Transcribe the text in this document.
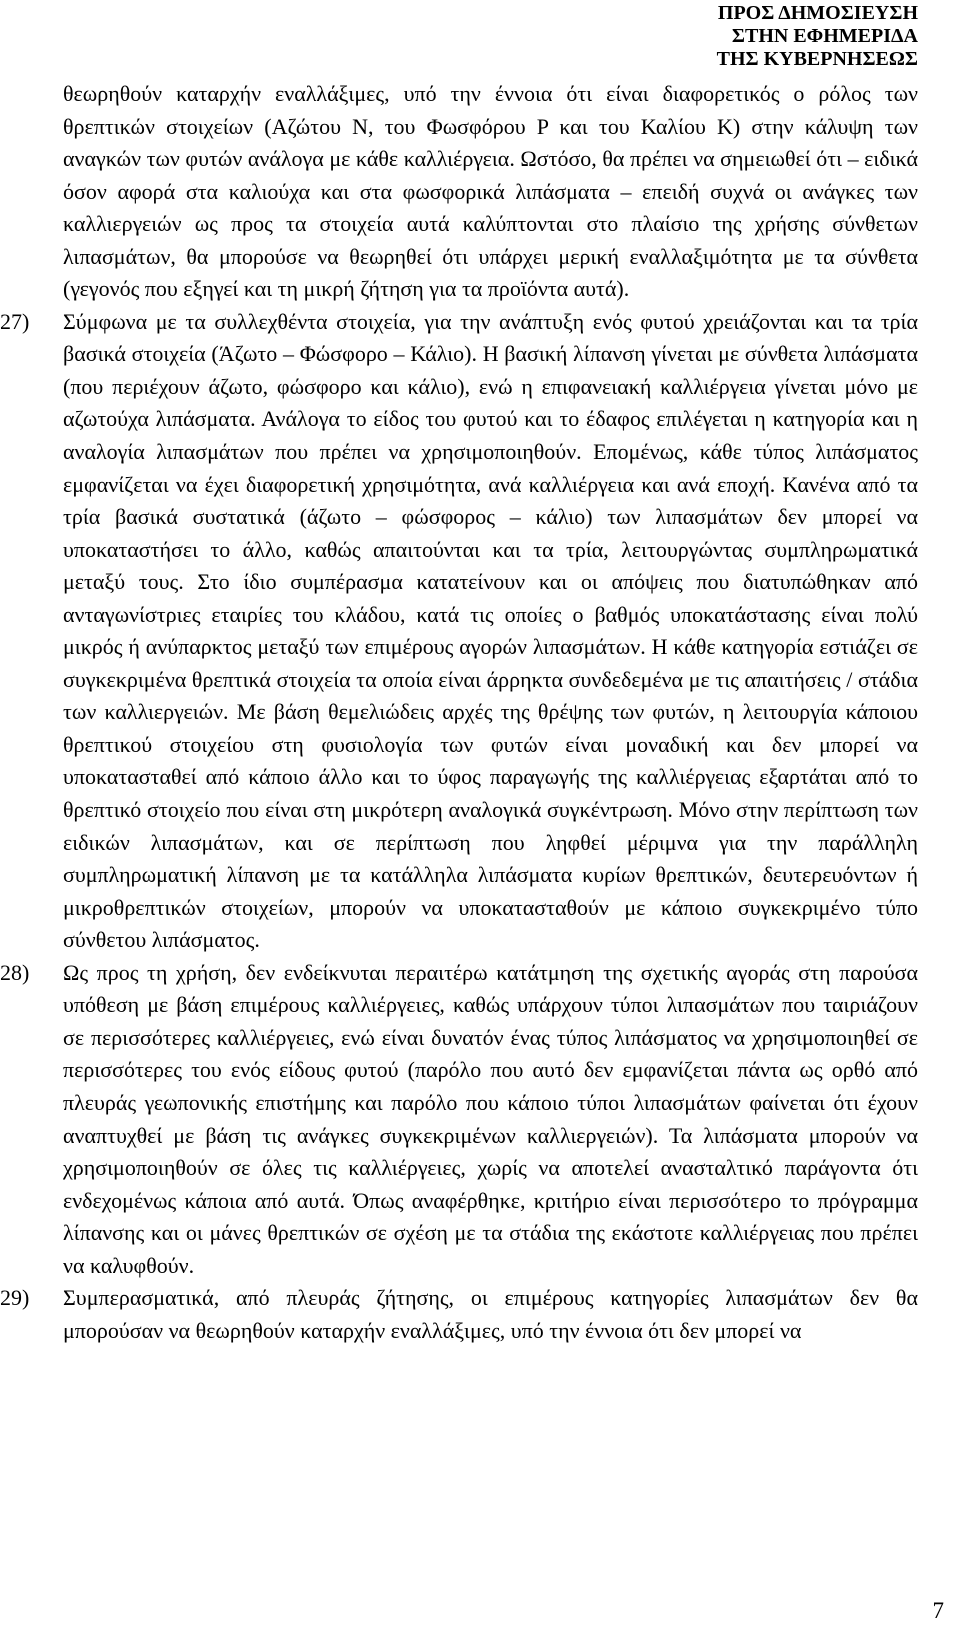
ΠΡΟΣ ΔΗΜΟΣΙΕΥΣΗ
ΣΤΗΝ ΕΦΗΜΕΡΙΔΑ
ΤΗΣ ΚΥΒΕΡΝΗΣΕΩΣ
θεωρηθούν καταρχήν εναλλάξιμες, υπό την έννοια ότι είναι διαφορετικός ο ρόλος των θρεπτικών στοιχείων (Αζώτου N, του Φωσφόρου P και του Καλίου K) στην κάλυψη των αναγκών των φυτών ανάλογα με κάθε καλλιέργεια. Ωστόσο, θα πρέπει να σημειωθεί ότι – ειδικά όσον αφορά στα καλιούχα και στα φωσφορικά λιπάσματα – επειδή συχνά οι ανάγκες των καλλιεργειών ως προς τα στοιχεία αυτά καλύπτονται στο πλαίσιο της χρήσης σύνθετων λιπασμάτων, θα μπορούσε να θεωρηθεί ότι υπάρχει μερική εναλλαξιμότητα με τα σύνθετα (γεγονός που εξηγεί και τη μικρή ζήτηση για τα προϊόντα αυτά).
27) Σύμφωνα με τα συλλεχθέντα στοιχεία, για την ανάπτυξη ενός φυτού χρειάζονται και τα τρία βασικά στοιχεία (Άζωτο – Φώσφορο – Κάλιο). Η βασική λίπανση γίνεται με σύνθετα λιπάσματα (που περιέχουν άζωτο, φώσφορο και κάλιο), ενώ η επιφανειακή καλλιέργεια γίνεται μόνο με αζωτούχα λιπάσματα. Ανάλογα το είδος του φυτού και το έδαφος επιλέγεται η κατηγορία και η αναλογία λιπασμάτων που πρέπει να χρησιμοποιηθούν. Επομένως, κάθε τύπος λιπάσματος εμφανίζεται να έχει διαφορετική χρησιμότητα, ανά καλλιέργεια και ανά εποχή. Κανένα από τα τρία βασικά συστατικά (άζωτο – φώσφορος – κάλιο) των λιπασμάτων δεν μπορεί να υποκαταστήσει το άλλο, καθώς απαιτούνται και τα τρία, λειτουργώντας συμπληρωματικά μεταξύ τους. Στο ίδιο συμπέρασμα κατατείνουν και οι απόψεις που διατυπώθηκαν από ανταγωνίστριες εταιρίες του κλάδου, κατά τις οποίες ο βαθμός υποκατάστασης είναι πολύ μικρός ή ανύπαρκτος μεταξύ των επιμέρους αγορών λιπασμάτων. Η κάθε κατηγορία εστιάζει σε συγκεκριμένα θρεπτικά στοιχεία τα οποία είναι άρρηκτα συνδεδεμένα με τις απαιτήσεις / στάδια των καλλιεργειών. Με βάση θεμελιώδεις αρχές της θρέψης των φυτών, η λειτουργία κάποιου θρεπτικού στοιχείου στη φυσιολογία των φυτών είναι μοναδική και δεν μπορεί να υποκατασταθεί από κάποιο άλλο και το ύφος παραγωγής της καλλιέργειας εξαρτάται από το θρεπτικό στοιχείο που είναι στη μικρότερη αναλογικά συγκέντρωση. Μόνο στην περίπτωση των ειδικών λιπασμάτων, και σε περίπτωση που ληφθεί μέριμνα για την παράλληλη συμπληρωματική λίπανση με τα κατάλληλα λιπάσματα κυρίων θρεπτικών, δευτερευόντων ή μικροθρεπτικών στοιχείων, μπορούν να υποκατασταθούν με κάποιο συγκεκριμένο τύπο σύνθετου λιπάσματος.
28) Ως προς τη χρήση, δεν ενδείκνυται περαιτέρω κατάτμηση της σχετικής αγοράς στη παρούσα υπόθεση με βάση επιμέρους καλλιέργειες, καθώς υπάρχουν τύποι λιπασμάτων που ταιριάζουν σε περισσότερες καλλιέργειες, ενώ είναι δυνατόν ένας τύπος λιπάσματος να χρησιμοποιηθεί σε περισσότερες του ενός είδους φυτού (παρόλο που αυτό δεν εμφανίζεται πάντα ως ορθό από πλευράς γεωπονικής επιστήμης και παρόλο που κάποιο τύποι λιπασμάτων φαίνεται ότι έχουν αναπτυχθεί με βάση τις ανάγκες συγκεκριμένων καλλιεργειών). Τα λιπάσματα μπορούν να χρησιμοποιηθούν σε όλες τις καλλιέργειες, χωρίς να αποτελεί ανασταλτικό παράγοντα ότι ενδεχομένως κάποια από αυτά. Όπως αναφέρθηκε, κριτήριο είναι περισσότερο το πρόγραμμα λίπανσης και οι μάνες θρεπτικών σε σχέση με τα στάδια της εκάστοτε καλλιέργειας που πρέπει να καλυφθούν.
29) Συμπερασματικά, από πλευράς ζήτησης, οι επιμέρους κατηγορίες λιπασμάτων δεν θα μπορούσαν να θεωρηθούν καταρχήν εναλλάξιμες, υπό την έννοια ότι δεν μπορεί να
7
